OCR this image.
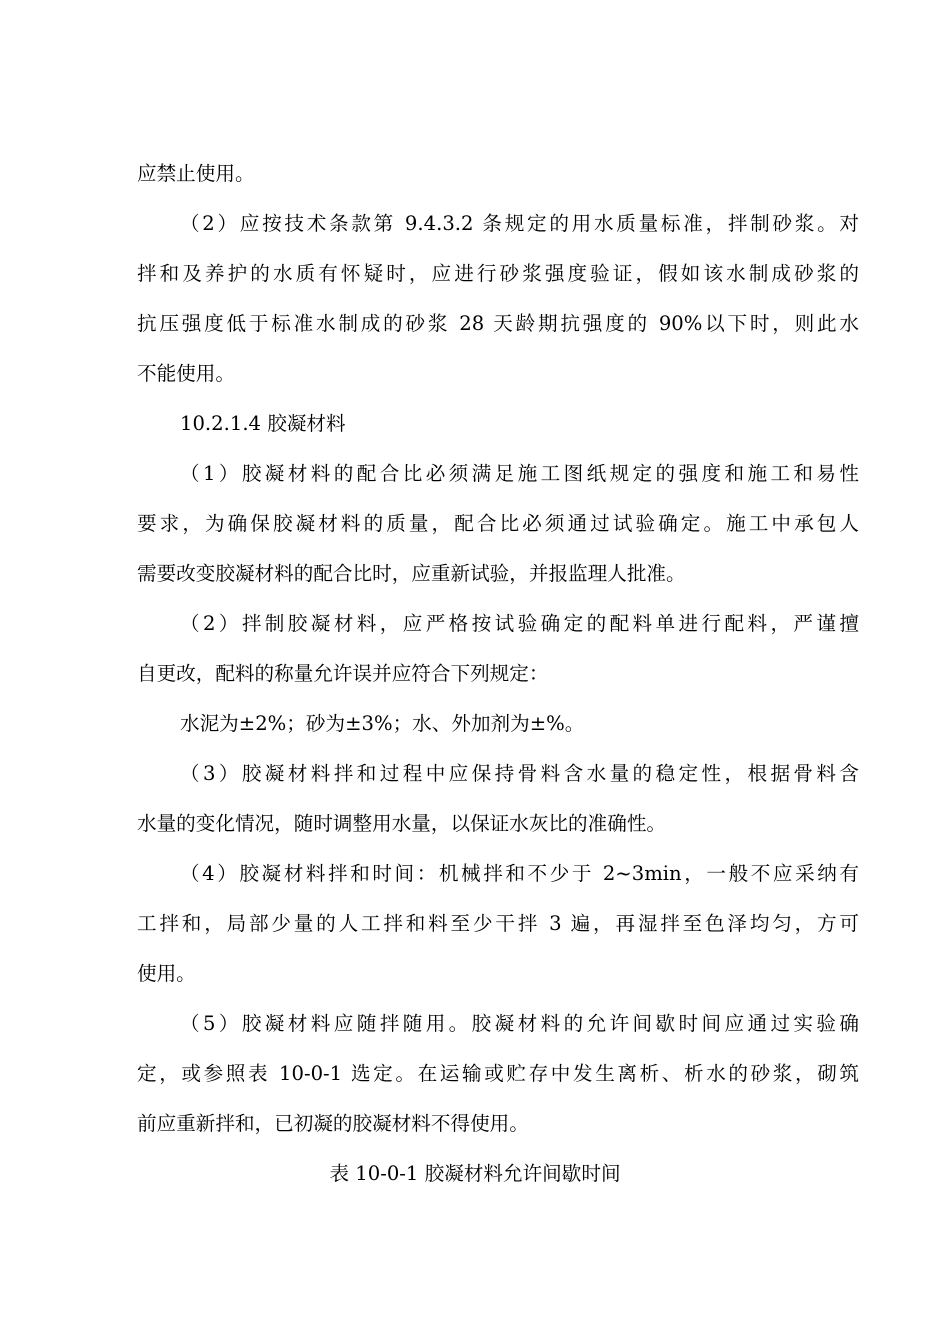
应禁止使用。
（2）应按技术条款第 9.4.3.2 条规定的用水质量标准，拌制砂浆。对
拌和及养护的水质有怀疑时，应进行砂浆强度验证，假如该水制成砂浆的
抗压强度低于标准水制成的砂浆 28 天龄期抗强度的 90%以下时，则此水
不能使用。
10.2.1.4 胶凝材料
（1）胶凝材料的配合比必须满足施工图纸规定的强度和施工和易性
要求，为确保胶凝材料的质量，配合比必须通过试验确定。施工中承包人
需要改变胶凝材料的配合比时，应重新试验，并报监理人批准。
（2）拌制胶凝材料，应严格按试验确定的配料单进行配料，严谨擅
自更改，配料的称量允许误并应符合下列规定：
水泥为±2%；砂为±3%；水、外加剂为±%。
（3）胶凝材料拌和过程中应保持骨料含水量的稳定性，根据骨料含
水量的变化情况，随时调整用水量，以保证水灰比的准确性。
（4）胶凝材料拌和时间：机械拌和不少于 2~3min，一般不应采纳有
工拌和，局部少量的人工拌和料至少干拌 3 遍，再湿拌至色泽均匀，方可
使用。
（5）胶凝材料应随拌随用。胶凝材料的允许间歇时间应通过实验确
定，或参照表 10-0-1 选定。在运输或贮存中发生离析、析水的砂浆，砌筑
前应重新拌和，已初凝的胶凝材料不得使用。
表 10-0-1 胶凝材料允许间歇时间
